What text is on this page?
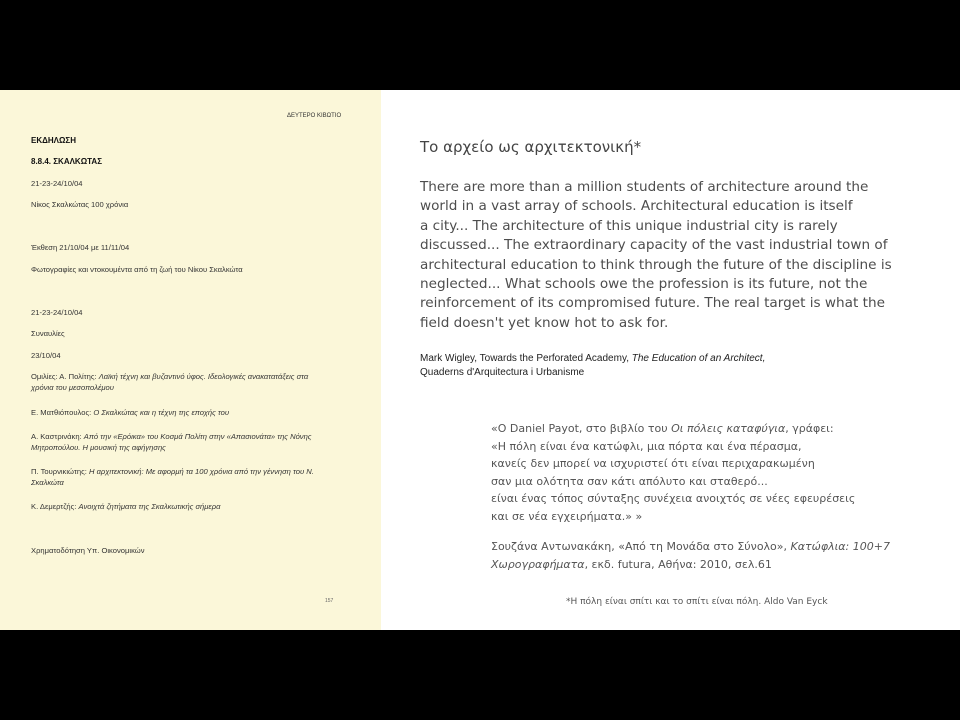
ΔΕΥΤΕΡΟ ΚΙΒΩΤΙΟ
ΕΚΔΗΛΩΣΗ
8.8.4. ΣΚΑΛΚΩΤΑΣ
21-23-24/10/04
Νίκος Σκαλκώτας 100 χρόνια
Έκθεση 21/10/04 με 11/11/04
Φωτογραφίες και ντοκουμέντα από τη ζωή του Νίκου Σκαλκώτα
21-23-24/10/04
Συναυλίες
23/10/04
Ομιλίες: Α. Πολίτης: Λαϊκή τέχνη και βυζαντινό ύφος. Ιδεολογικές ανακατατάξεις στα
χρόνια του μεσοπολέμου
Ε. Ματθιόπουλος: Ο Σκαλκώτας και η τέχνη της εποχής του
Α. Καστρινάκη: Από την «Ερόικα» του Κοσμά Πολίτη στην «Απασιονάτα» της Νόνης
Μητροπούλου. Η μουσική της αφήγησης
Π. Τουρνικιώτης: Η αρχιτεκτονική: Με αφορμή τα 100 χρόνια από την γέννηση του Ν.
Σκαλκώτα
Κ. Δεμερτζής: Ανοιχτά ζητήματα της Σκαλκωτικής σήμερα
Χρηματοδότηση Υπ. Οικονομικών
157
Το αρχείο ως αρχιτεκτονική*
There are more than a million students of architecture around the
world in a vast array of schools. Architectural education is itself
a city... The architecture of this unique industrial city is rarely
discussed... The extraordinary capacity of the vast industrial town of
architectural education to think through the future of the discipline is
neglected... What schools owe the profession is its future, not the
reinforcement of its compromised future. The real target is what the
field doesn't yet know hot to ask for.
Mark Wigley, Towards the Perforated Academy, The Education of an Architect,
Quaderns d'Arquitectura i Urbanisme
«Ο Daniel Payot, στο βιβλίο του Οι πόλεις καταφύγια, γράφει:
«Η πόλη είναι ένα κατώφλι, μια πόρτα και ένα πέρασμα,
κανείς δεν μπορεί να ισχυριστεί ότι είναι περιχαρακωμένη
σαν μια ολότητα σαν κάτι απόλυτο και σταθερό...
είναι ένας τόπος σύνταξης συνέχεια ανοιχτός σε νέες εφευρέσεις
και σε νέα εγχειρήματα.» »
Σουζάνα Αντωνακάκη, «Από τη Μονάδα στο Σύνολο», Κατώφλια: 100+7
Χωρογραφήματα, εκδ. futura, Αθήνα: 2010, σελ.61
*Η πόλη είναι σπίτι και το σπίτι είναι πόλη. Aldo Van Eyck
